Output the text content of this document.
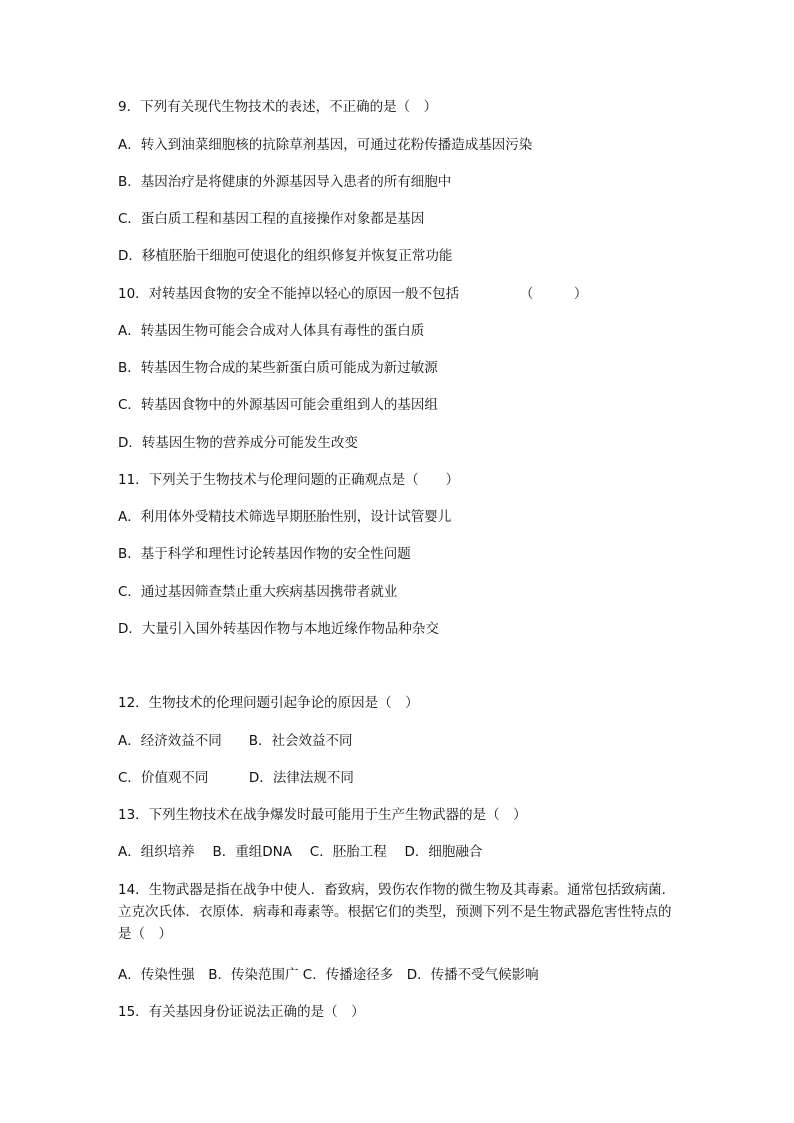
9．下列有关现代生物技术的表述，不正确的是（　）

A．转入到油菜细胞核的抗除草剂基因，可通过花粉传播造成基因污染

B．基因治疗是将健康的外源基因导入患者的所有细胞中

C．蛋白质工程和基因工程的直接操作对象都是基因

D．移植胚胎干细胞可使退化的组织修复并恢复正常功能

10．对转基因食物的安全不能掉以轻心的原因一般不包括　　　　　（　　　）

A．转基因生物可能会合成对人体具有毒性的蛋白质

B．转基因生物合成的某些新蛋白质可能成为新过敏源

C．转基因食物中的外源基因可能会重组到人的基因组

D．转基因生物的营养成分可能发生改变

11．下列关于生物技术与伦理问题的正确观点是（　　）

A．利用体外受精技术筛选早期胚胎性别，设计试管婴儿

B．基于科学和理性讨论转基因作物的安全性问题

C．通过基因筛查禁止重大疾病基因携带者就业

D．大量引入国外转基因作物与本地近缘作物品种杂交

12．生物技术的伦理问题引起争论的原因是（　）

A．经济效益不同　　B．社会效益不同

C．价值观不同　　　D．法律法规不同

13．下列生物技术在战争爆发时最可能用于生产生物武器的是（　）

A．组织培养　 B．重组DNA　 C．胚胎工程　 D．细胞融合

14．生物武器是指在战争中使人．畜致病，毁伤农作物的微生物及其毒素。通常包括致病菌．立克次氏体．衣原体．病毒和毒素等。根据它们的类型，预测下列不是生物武器危害性特点的是（　）

A．传染性强　B．传染范围广 C．传播途径多　D．传播不受气候影响

15．有关基因身份证说法正确的是（　）
